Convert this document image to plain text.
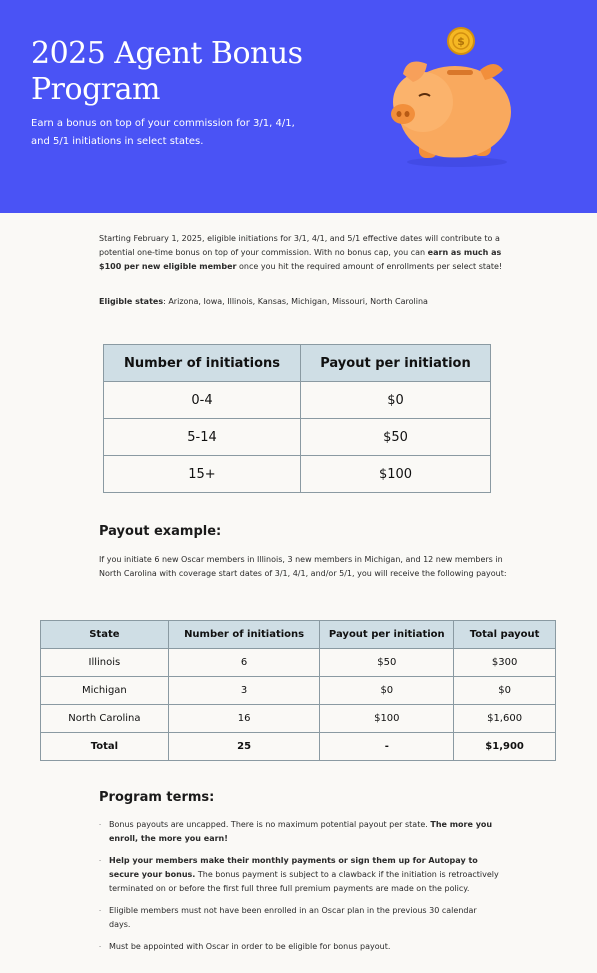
2025 Agent Bonus Program

Earn a bonus on top of your commission for 3/1, 4/1, and 5/1 initiations in select states.

$

Starting February 1, 2025, eligible initiations for 3/1, 4/1, and 5/1 effective dates will contribute to a potential one-time bonus on top of your commission. With no bonus cap, you can earn as much as $100 per new eligible member once you hit the required amount of enrollments per select state!

Eligible states: Arizona, Iowa, Illinois, Kansas, Michigan, Missouri, North Carolina

Number of initiations	Payout per initiation
0-4	$0
5-14	$50
15+	$100
Payout example:

If you initiate 6 new Oscar members in Illinois, 3 new members in Michigan, and 12 new members in North Carolina with coverage start dates of 3/1, 4/1, and/or 5/1, you will receive the following payout:

State	Number of initiations	Payout per initiation	Total payout
Illinois	6	$50	$300
Michigan	3	$0	$0
North Carolina	16	$100	$1,600
Total	25	-	$1,900
Program terms:
- Bonus payouts are uncapped. There is no maximum potential payout per state. The more you enroll, the more you earn!
- Help your members make their monthly payments or sign them up for Autopay to secure your bonus. The bonus payment is subject to a clawback if the initiation is retroactively terminated on or before the first full three full premium payments are made on the policy.
- Eligible members must not have been enrolled in an Oscar plan in the previous 30 calendar days.
- Must be appointed with Oscar in order to be eligible for bonus payout.
